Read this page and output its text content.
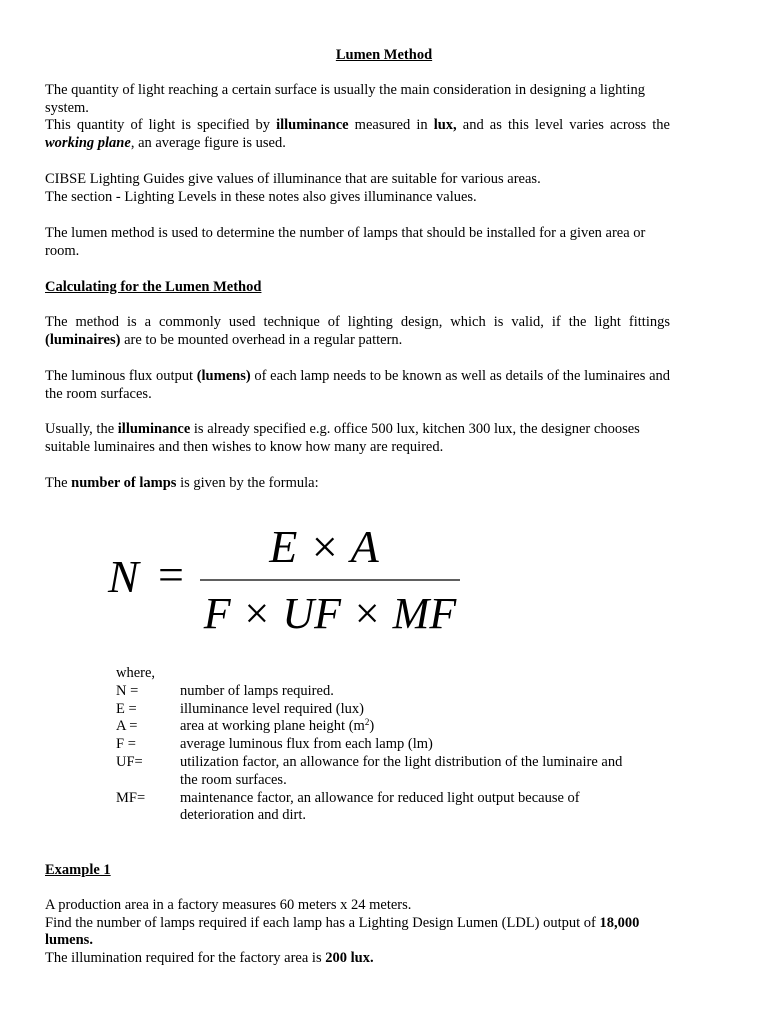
Lumen Method
The quantity of light reaching a certain surface is usually the main consideration in designing a lighting system.
This quantity of light is specified by illuminance measured in lux, and as this level varies across the working plane, an average figure is used.
CIBSE Lighting Guides give values of illuminance that are suitable for various areas.
The section - Lighting Levels in these notes also gives illuminance values.
The lumen method is used to determine the number of lamps that should be installed for a given area or room.
Calculating for the Lumen Method
The method is a commonly used technique of lighting design, which is valid, if the light fittings (luminaires) are to be mounted overhead in a regular pattern.
The luminous flux output (lumens) of each lamp needs to be known as well as details of the luminaires and the room surfaces.
Usually, the illuminance is already specified e.g. office 500 lux, kitchen 300 lux, the designer chooses suitable luminaires and then wishes to know how many are required.
The number of lamps is given by the formula:
N =
E × A
F × UF × MF
where,
N =	number of lamps required.
E =	illuminance level required (lux)
A =	area at working plane height $(m^2)$
F =	average luminous flux from each lamp (lm)
UF=	utilization factor, an allowance for the light distribution of the luminaire and the room surfaces.
MF=	maintenance factor, an allowance for reduced light output because of deterioration and dirt.
Example 1
A production area in a factory measures 60 meters x 24 meters.
Find the number of lamps required if each lamp has a Lighting Design Lumen (LDL) output of 18,000 lumens.
The illumination required for the factory area is 200 lux.
